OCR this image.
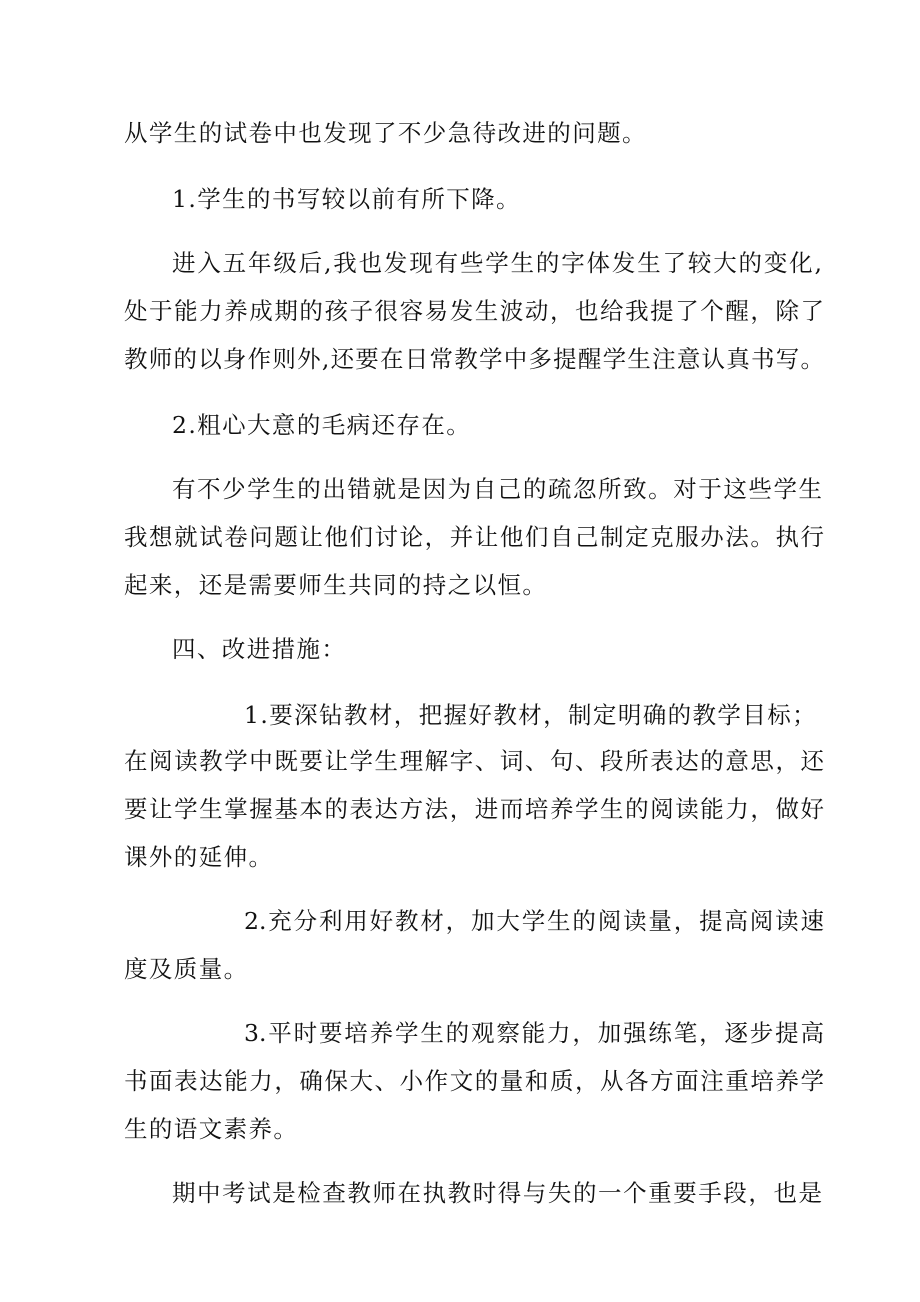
从学生的试卷中也发现了不少急待改进的问题。
1.学生的书写较以前有所下降。
进入五年级后,我也发现有些学生的字体发生了较大的变化,
处于能力养成期的孩子很容易发生波动，也给我提了个醒，除了
教师的以身作则外,还要在日常教学中多提醒学生注意认真书写。
2.粗心大意的毛病还存在。
有不少学生的出错就是因为自己的疏忽所致。对于这些学生
我想就试卷问题让他们讨论，并让他们自己制定克服办法。执行
起来，还是需要师生共同的持之以恒。
四、改进措施：
1.要深钻教材，把握好教材，制定明确的教学目标；
在阅读教学中既要让学生理解字、词、句、段所表达的意思，还
要让学生掌握基本的表达方法，进而培养学生的阅读能力，做好
课外的延伸。
2.充分利用好教材，加大学生的阅读量，提高阅读速
度及质量。
3.平时要培养学生的观察能力，加强练笔，逐步提高
书面表达能力，确保大、小作文的量和质，从各方面注重培养学
生的语文素养。
期中考试是检查教师在执教时得与失的一个重要手段，也是
